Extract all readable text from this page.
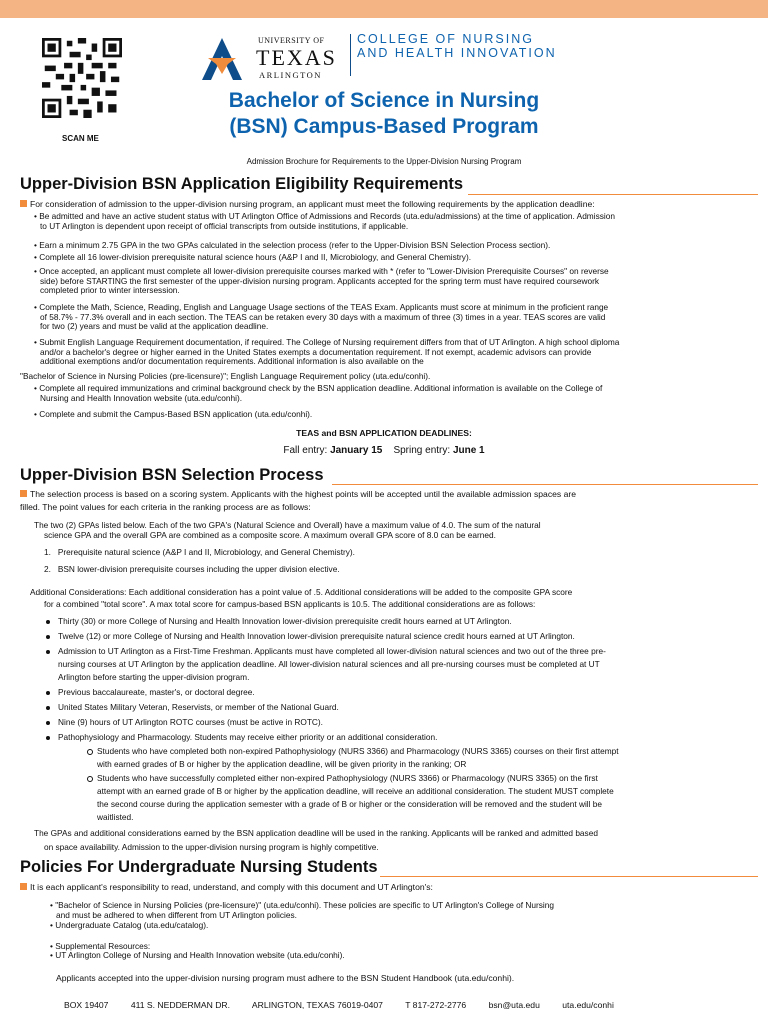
SCAN ME
UNIVERSITY OF
TEXAS
ARLINGTON
COLLEGE OF NURSING
AND HEALTH INNOVATION
Bachelor of Science in Nursing
(BSN) Campus-Based Program
Admission Brochure for Requirements to the Upper-Division Nursing Program
Upper-Division BSN Application Eligibility Requirements
For consideration of admission to the upper-division nursing program, an applicant must meet the following requirements by the application deadline:
• Be admitted and have an active student status with UT Arlington Office of Admissions and Records (uta.edu/admissions) at the time of application. Admission
to UT Arlington is dependent upon receipt of official transcripts from outside institutions, if applicable.
• Earn a minimum 2.75 GPA in the two GPAs calculated in the selection process (refer to the Upper-Division BSN Selection Process section).
• Complete all 16 lower-division prerequisite natural science hours (A&P I and II, Microbiology, and General Chemistry).
• Once accepted, an applicant must complete all lower-division prerequisite courses marked with * (refer to "Lower-Division Prerequisite Courses" on reverse
side) before STARTING the first semester of the upper-division nursing program. Applicants accepted for the spring term must have required coursework
completed prior to winter intersession.
• Complete the Math, Science, Reading, English and Language Usage sections of the TEAS Exam. Applicants must score at minimum in the proficient range
of 58.7% - 77.3% overall and in each section. The TEAS can be retaken every 30 days with a maximum of three (3) times in a year. TEAS scores are valid
for two (2) years and must be valid at the application deadline.
• Submit English Language Requirement documentation, if required. The College of Nursing requirement differs from that of UT Arlington. A high school diploma
and/or a bachelor's degree or higher earned in the United States exempts a documentation requirement. If not exempt, academic advisors can provide
additional exemptions and/or documentation requirements. Additional information is also available on the
• Complete all required immunizations and criminal background check by the BSN application deadline. Additional information is available on the College of
Nursing and Health Innovation website (uta.edu/conhi).
• Complete and submit the Campus-Based BSN application (uta.edu/conhi).
"Bachelor of Science in Nursing Policies (pre-licensure)"; English Language Requirement policy (uta.edu/conhi).
TEAS and BSN APPLICATION DEADLINES:
Fall entry: January 15 Spring entry: June 1
Upper-Division BSN Selection Process
The selection process is based on a scoring system. Applicants with the highest points will be accepted until the available admission spaces are
filled. The point values for each criteria in the ranking process are as follows:
The two (2) GPAs listed below. Each of the two GPA's (Natural Science and Overall) have a maximum value of 4.0. The sum of the natural
science GPA and the overall GPA are combined as a composite score. A maximum overall GPA score of 8.0 can be earned.
1.   Prerequisite natural science (A&P I and II, Microbiology, and General Chemistry).
2.   BSN lower-division prerequisite courses including the upper division elective.
Additional Considerations: Each additional consideration has a point value of .5. Additional considerations will be added to the composite GPA score
for a combined "total score". A max total score for campus-based BSN applicants is 10.5. The additional considerations are as follows:
Thirty (30) or more College of Nursing and Health Innovation lower-division prerequisite credit hours earned at UT Arlington.
Twelve (12) or more College of Nursing and Health Innovation lower-division prerequisite natural science credit hours earned at UT Arlington.
Admission to UT Arlington as a First-Time Freshman. Applicants must have completed all lower-division natural sciences and two out of the three pre-
nursing courses at UT Arlington by the application deadline. All lower-division natural sciences and all pre-nursing courses must be completed at UT
Arlington before starting the upper-division program.
Previous baccalaureate, master's, or doctoral degree.
United States Military Veteran, Reservists, or member of the National Guard.
Nine (9) hours of UT Arlington ROTC courses (must be active in ROTC).
Pathophysiology and Pharmacology. Students may receive either priority or an additional consideration.
Students who have completed both non-expired Pathophysiology (NURS 3366) and Pharmacology (NURS 3365) courses on their first attempt
with earned grades of B or higher by the application deadline, will be given priority in the ranking; OR
Students who have successfully completed either non-expired Pathophysiology (NURS 3366) or Pharmacology (NURS 3365) on the first
attempt with an earned grade of B or higher by the application deadline, will receive an additional consideration. The student MUST complete
the second course during the application semester with a grade of B or higher or the consideration will be removed and the student will be
waitlisted.
The GPAs and additional considerations earned by the BSN application deadline will be used in the ranking. Applicants will be ranked and admitted based
on space availability. Admission to the upper-division nursing program is highly competitive.
Policies For Undergraduate Nursing Students
It is each applicant's responsibility to read, understand, and comply with this document and UT Arlington's:
• "Bachelor of Science in Nursing Policies (pre-licensure)" (uta.edu/conhi). These policies are specific to UT Arlington's College of Nursing
and must be adhered to when different from UT Arlington policies.
• Undergraduate Catalog (uta.edu/catalog).
• Supplemental Resources:
• UT Arlington College of Nursing and Health Innovation website (uta.edu/conhi).
Applicants accepted into the upper-division nursing program must adhere to the BSN Student Handbook (uta.edu/conhi).
BOX 19407	411 S. NEDDERMAN DR.	ARLINGTON, TEXAS 76019-0407	T 817-272-2776	bsn@uta.edu	uta.edu/conhi
